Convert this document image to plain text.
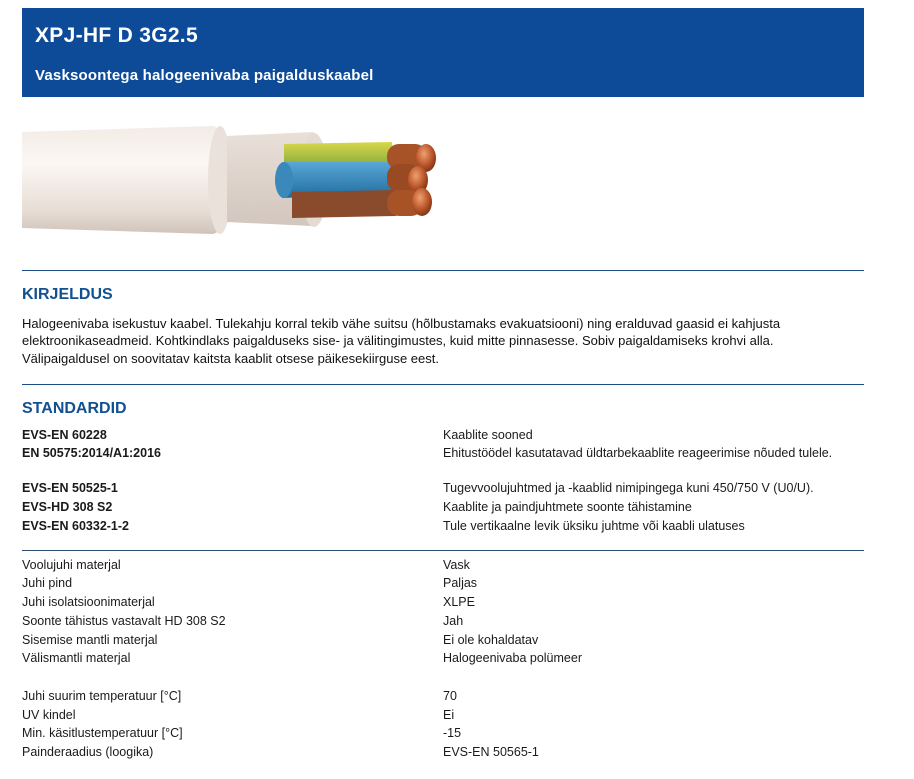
XPJ-HF D 3G2.5
Vasksoontega halogeenivaba paigalduskaabel
KIRJELDUS
Halogeenivaba isekustuv kaabel. Tulekahju korral tekib vähe suitsu (hõlbustamaks evakuatsiooni) ning eralduvad gaasid ei kahjusta elektroonikaseadmeid. Kohtkindlaks paigalduseks sise- ja välitingimustes, kuid mitte pinnasesse. Sobiv paigaldamiseks krohvi alla. Välipaigaldusel on soovitatav kaitsta kaablit otsese päikesekiirguse eest.
STANDARDID
EVS-EN 60228	Kaablite sooned
EN 50575:2014/A1:2016	Ehitustöödel kasutatavad üldtarbekaablite reageerimise nõuded tulele.
EVS-EN 50525-1	Tugevvoolujuhtmed ja -kaablid nimipingega kuni 450/750 V (U0/U).
EVS-HD 308 S2	Kaablite ja paindjuhtmete soonte tähistamine
EVS-EN 60332-1-2	Tule vertikaalne levik üksiku juhtme või kaabli ulatuses
Voolujuhi materjal	Vask
Juhi pind	Paljas
Juhi isolatsioonimaterjal	XLPE
Soonte tähistus vastavalt HD 308 S2	Jah
Sisemise mantli materjal	Ei ole kohaldatav
Välismantli materjal	Halogeenivaba polümeer
Juhi suurim temperatuur [°C]	70
UV kindel	Ei
Min. käsitlustemperatuur [°C]	-15
Painderaadius (loogika)	EVS-EN 50565-1
